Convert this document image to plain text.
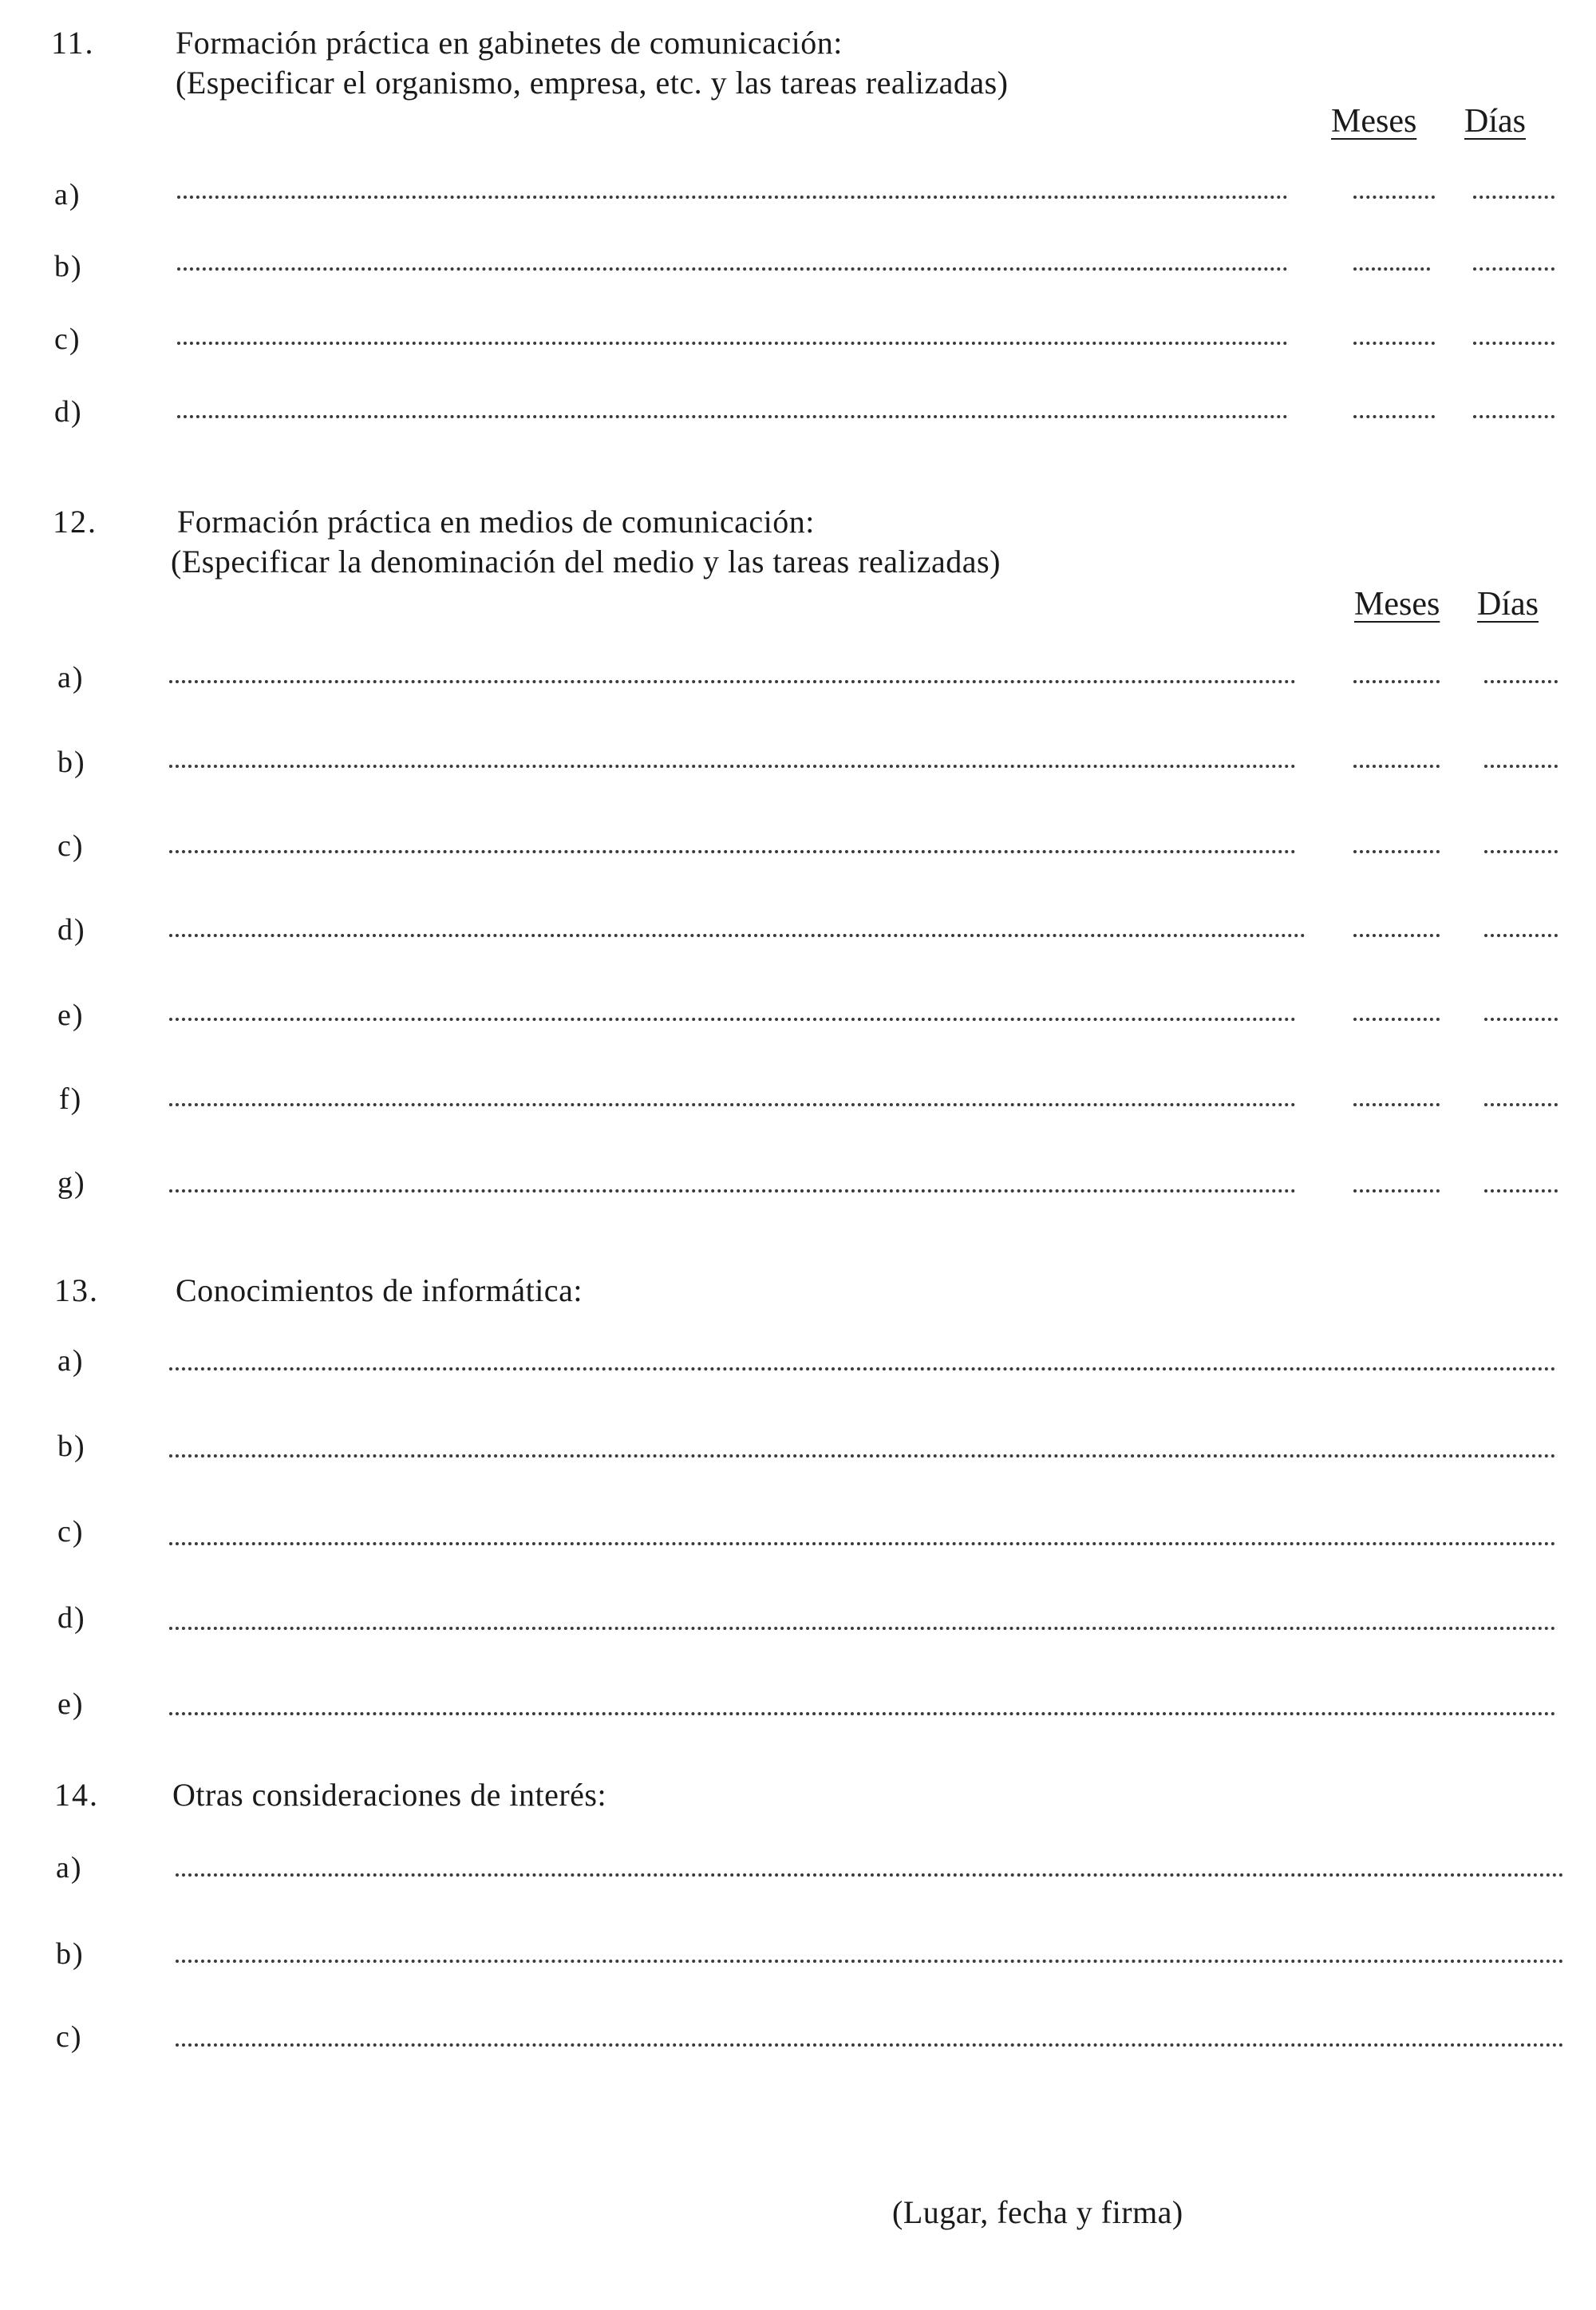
11.	Formación práctica en gabinetes de comunicación:
(Especificar el organismo, empresa, etc. y las tareas realizadas)
Meses Días
a)
b)
c)
d)
12.	Formación práctica en medios de comunicación:
(Especificar la denominación del medio y las tareas realizadas)
Meses Días
a)
b)
c)
d)
e)
f)
g)
13. Conocimientos de informática:
a)
b)
c)
d)
e)
14. Otras consideraciones de interés:
a)
b)
c)
(Lugar, fecha y firma)
